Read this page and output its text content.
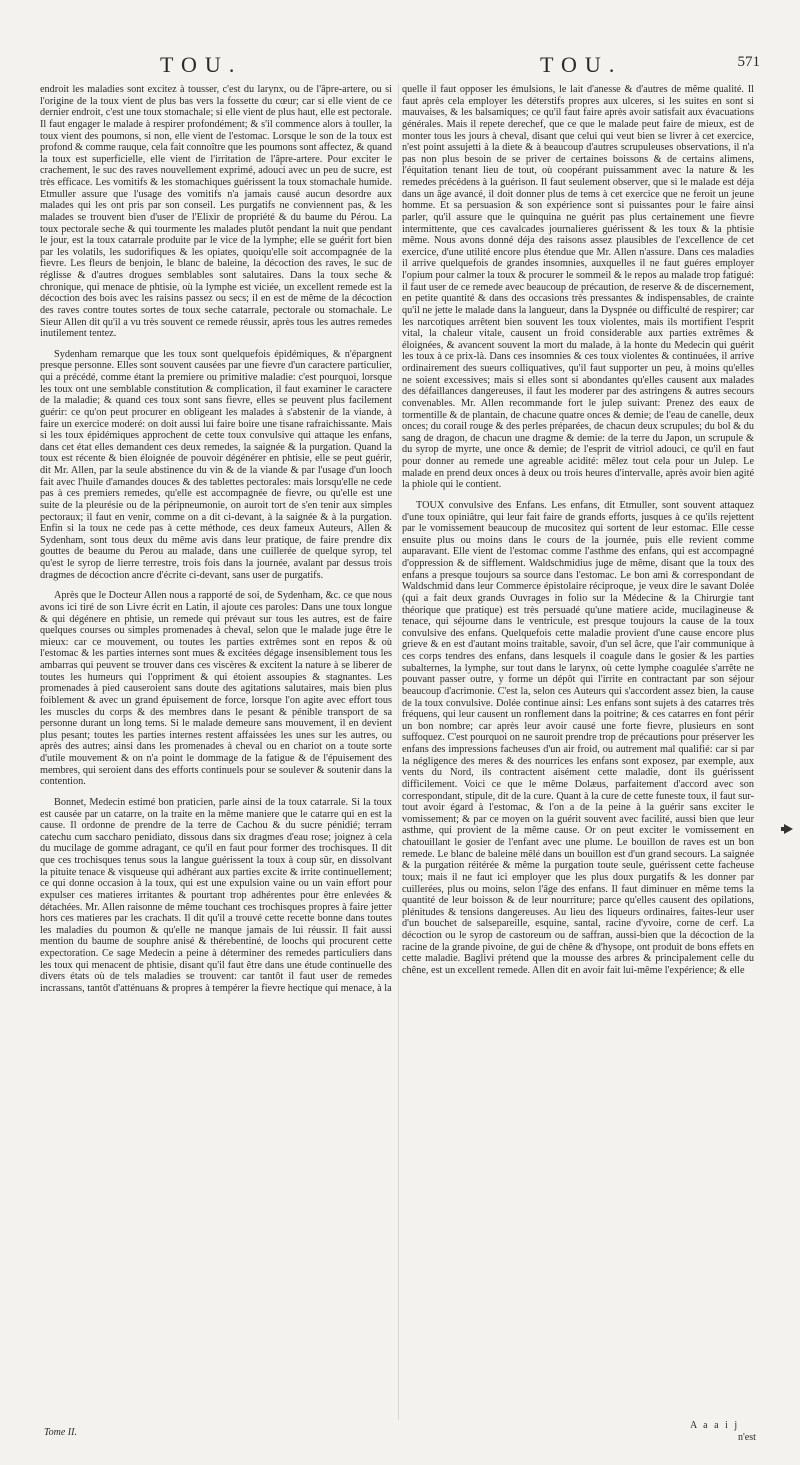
TOU.	TOU.	571

endroit les maladies sont excitez à tousser, c'est du larynx, ou de l'âpre-artere, ou si l'origine de la toux vient de plus bas vers la fossette du cœur; car si elle vient de ce dernier endroit, c'est une toux stomachale; si elle vient de plus haut, elle est pectorale. Il faut engager le malade à respirer profondément; & s'il commence alors à touller, la toux vient des poumons, si non, elle vient de l'estomac. Lorsque le son de la toux est profond & comme rauque, cela fait connoître que les poumons sont affectez, & quand la toux est superficielle, elle vient de l'irritation de l'âpre-artere. Pour exciter le crachement, le suc des raves nouvellement exprimé, adouci avec un peu de sucre, est très efficace. Les vomitifs & les stomachiques guérissent la toux stomachale humide. Etmuller assure que l'usage des vomitifs n'a jamais causé aucun desordre aux malades qui les ont pris par son conseil. Les purgatifs ne conviennent pas, & les malades se trouvent bien d'user de l'Elixir de propriété & du baume du Pérou. La toux pectorale seche & qui tourmente les malades plutôt pendant la nuit que pendant le jour, est la toux catarrale produite par le vice de la lymphe; elle se guérit fort bien par les volatils, les sudorifiques & les opiates, quoiqu'elle soit accompagnée de la fievre. Les fleurs de benjoin, le blanc de baleine, la décoction des raves, le suc de réglisse & d'autres drogues semblables sont salutaires. Dans la toux seche & chronique, qui menace de phtisie, où la lymphe est viciée, un excellent remede est la décoction des bois avec les raisins passez ou secs; il en est de même de la décoction des raves contre toutes sortes de toux seche catarrale, pectorale ou stomachale. Le Sieur Allen dit qu'il a vu très souvent ce remede réussir, après tous les autres remedes inutilement tentez.

Sydenham remarque que les toux sont quelquefois épidémiques, & n'épargnent presque personne. Elles sont souvent causées par une fievre d'un caractere particulier, qui a précédé, comme étant la premiere ou primitive maladie: c'est pourquoi, lorsque les toux ont une semblable constitution & complication, il faut examiner le caractere de la maladie; & quand ces toux sont sans fievre, elles se peuvent plus facilement guérir: ce qu'on peut procurer en obligeant les malades à s'abstenir de la viande, à faire un exercice moderé: on doit aussi lui faire boire une tisane rafraichissante. Mais si les toux épidémiques approchent de cette toux convulsive qui attaque les enfans, dans cet état elles demandent ces deux remedes, la saignée & la purgation. Quand la toux est récente & bien éloignée de pouvoir dégénérer en phtisie, elle se peut guérir, dit Mr. Allen, par la seule abstinence du vin & de la viande & par l'usage d'un looch fait avec l'huile d'amandes douces & des tablettes pectorales: mais lorsqu'elle ne cede pas à ces premiers remedes, qu'elle est accompagnée de fievre, ou qu'elle est une suite de la pleurésie ou de la péripneumonie, on auroit tort de s'en tenir aux simples pectoraux; il faut en venir, comme on a dit ci-devant, à la saignée & à la purgation. Enfin si la toux ne cede pas à cette méthode, ces deux fameux Auteurs, Allen & Sydenham, sont tous deux du même avis dans leur pratique, de faire prendre dix gouttes de beaume du Perou au malade, dans une cuillerée de quelque syrop, tel qu'est le syrop de lierre terrestre, trois fois dans la journée, avalant par dessus trois dragmes de décoction ancre d'écrite ci-devant, sans user de purgatifs.

Après que le Docteur Allen nous a rapporté de soi, de Sydenham, &c. ce que nous avons ici tiré de son Livre écrit en Latin, il ajoute ces paroles: Dans une toux longue & qui dégénere en phtisie, un remede qui prévaut sur tous les autres, est de faire quelques courses ou simples promenades à cheval, selon que le malade juge être le mieux: car ce mouvement, ou toutes les parties extrêmes sont en repos & où l'estomac & les parties internes sont mues & excitées dégage insensiblement tous les ambarras qui peuvent se trouver dans ces viscères & excitent la nature à se liberer de toutes les humeurs qui l'oppriment & qui étoient assoupies & stagnantes. Les promenades à pied causeroient sans doute des agitations salutaires, mais bien plus foiblement & avec un grand épuisement de force, lorsque l'on agite avec effort tous les muscles du corps & des membres dans le pesant & pénible transport de sa personne durant un long tems. Si le malade demeure sans mouvement, il en devient plus pesant; toutes les parties internes restent affaissées les unes sur les autres, ou après des autres; ainsi dans les promenades à cheval ou en chariot on a toute sorte d'utile mouvement & on n'a point le dommage de la fatigue & de l'épuisement des membres, qui seroient dans des efforts continuels pour se soulever & soutenir dans la contention.

Bonnet, Medecin estimé bon praticien, parle ainsi de la toux catarrale. Si la toux est causée par un catarre, on la traite en la même maniere que le catarre qui en est la cause. Il ordonne de prendre de la terre de Cachou & du sucre pénidié; terram catechu cum saccharo penidiato, dissous dans six dragmes d'eau rose; joignez à cela du mucilage de gomme adragant, ce qu'il en faut pour former des trochisques. Il dit que ces trochisques tenus sous la langue guérissent la toux à coup sûr, en dissolvant la pituite tenace & visqueuse qui adhérant aux parties excite & irrite continuellement; ce qui donne occasion à la toux, qui est une expulsion vaine ou un vain effort pour expulser ces matieres irritantes & pourtant trop adhérentes pour être enlevées & détachées. Mr. Allen raisonne de même touchant ces trochisques propres à faire jetter hors ces matieres par les crachats. Il dit qu'il a trouvé cette recette bonne dans toutes les maladies du poumon & qu'elle ne manque jamais de lui réussir. Il fait aussi mention du baume de souphre anisé & thérebentiné, de loochs qui procurent cette expectoration. Ce sage Medecin a peine à déterminer des remedes particuliers dans les toux qui menacent de phtisie, disant qu'il faut être dans une étude continuelle des divers états où de tels maladies se trouvent: car tantôt il faut user de remedes incrassans, tantôt d'atténuans & propres à tempérer la fievre hectique qui menace, à la

quelle il faut opposer les émulsions, le lait d'anesse & d'autres de même qualité. Il faut après cela employer les déterstifs propres aux ulceres, si les suites en sont si mauvaises, & les balsamiques; ce qu'il faut faire après avoir satisfait aux évacuations générales. Mais il repete derechef, que ce que le malade peut faire de mieux, est de monter tous les jours à cheval, disant que celui qui veut bien se livrer à cet exercice, n'est point assujetti à la diete & à beaucoup d'autres scrupuleuses observations, il n'a pas non plus besoin de se priver de certaines boissons & de certains alimens, l'équitation tenant lieu de tout, où coopérant puissamment avec la nature & les remedes précédens à la guérison. Il faut seulement observer, que si le malade est déja dans un âge avancé, il doit donner plus de tems à cet exercice que ne feroit un jeune homme. Et sa persuasion & son expérience sont si puissantes pour le faire ainsi parler, qu'il assure que le quinquina ne guérit pas plus certainement une fievre intermittente, que ces cavalcades journalieres guérissent & les toux & la phtisie même. Nous avons donné déja des raisons assez plausibles de l'excellence de cet exercice, d'une utilité encore plus étendue que Mr. Allen n'assure. Dans ces maladies il arrive quelquefois de grandes insomnies, auxquelles il ne faut guéres employer l'opium pour calmer la toux & procurer le sommeil & le repos au malade trop fatigué: il faut user de ce remede avec beaucoup de précaution, de reserve & de discernement, en petite quantité & dans des occasions très pressantes & indispensables, de crainte qu'il ne jette le malade dans la langueur, dans la Dyspnée ou difficulté de respirer; car les narcotiques arrêtent bien souvent les toux violentes, mais ils mortifient l'esprit vital, la chaleur vitale, causent un froid considerable aux parties extrêmes & éloignées, & avancent souvent la mort du malade, à la honte du Medecin qui guérit les toux à ce prix-là. Dans ces insomnies & ces toux violentes & continuées, il arrive ordinairement des sueurs colliquatives, qu'il faut supporter un peu, à moins qu'elles ne soient excessives; mais si elles sont si abondantes qu'elles causent aux malades des défaillances dangereuses, il faut les moderer par des astringens & autres secours convenables. Mr. Allen recommande fort le julep suivant: Prenez des eaux de tormentille & de plantain, de chacune quatre onces & demie; de l'eau de canelle, deux onces; du corail rouge & des perles préparées, de chacun deux scrupules; du bol & du sang de dragon, de chacun une dragme & demie: de la terre du Japon, un scrupule & du syrop de myrte, une once & demie; de l'esprit de vitriol adouci, ce qu'il en faut pour donner au remede une agreable acidité: mêlez tout cela pour un Julep. Le malade en prend deux onces à deux ou trois heures d'intervalle, après avoir bien agité la phiole qui le contient.

TOUX convulsive des Enfans. Les enfans, dit Etmuller, sont souvent attaquez d'une toux opiniâtre, qui leur fait faire de grands efforts, jusques à ce qu'ils rejettent par le vomissement beaucoup de mucositez qui sortent de leur estomac. Elle cesse ensuite plus ou moins dans le cours de la journée, puis elle revient comme auparavant. Elle vient de l'estomac comme l'asthme des enfans, qui est accompagné d'oppression & de sifflement. Waldschmidius juge de même, disant que la toux des enfans a presque toujours sa source dans l'estomac. Le bon ami & correspondant de Waldschmid dans leur Commerce épistolaire réciproque, je veux dire le savant Dolée (qui a fait deux grands Ouvrages in folio sur la Médecine & la Chirurgie tant théorique que pratique) est très persuadé qu'une matiere acide, mucilagineuse & tenace, qui séjourne dans le ventricule, est presque toujours la cause de la toux convulsive des enfans. Quelquefois cette maladie provient d'une cause encore plus grieve & en est d'autant moins traitable, savoir, d'un sel âcre, que l'air communique à ces corps tendres des enfans, dans lesquels il coagule dans le gosier & les parties subalternes, la lymphe, sur tout dans le larynx, où cette lymphe coagulée s'arrête ne pouvant passer outre, y forme un dépôt qui l'irrite en contractant par son séjour beaucoup d'acrimonie. C'est la, selon ces Auteurs qui s'accordent assez bien, la cause de la toux convulsive. Dolée continue ainsi: Les enfans sont sujets à des catarres très fréquens, qui leur causent un ronflement dans la poitrine; & ces catarres en font périr un bon nombre; car après leur avoir causé une forte fievre, plusieurs en sont suffoquez. C'est pourquoi on ne sauroit prendre trop de précautions pour préserver les enfans des impressions facheuses d'un air froid, ou autrement mal qualifié: car si par la négligence des meres & des nourrices les enfans sont exposez, par exemple, aux vents du Nord, ils contractent aisément cette maladie, dont ils guérissent difficilement. Voici ce que le même Dolæus, parfaitement d'accord avec son correspondant, stipule, dit de la cure. Quant à la cure de cette funeste toux, il faut sur-tout avoir égard à l'estomac, & l'on a de la peine à la guérir sans exciter le vomissement; & par ce moyen on la guérit souvent avec facilité, aussi bien que leur asthme, qui provient de la même cause. Or on peut exciter le vomissement en chatouillant le gosier de l'enfant avec une plume. Le bouillon de raves est un bon remede. Le blanc de baleine mêlé dans un bouillon est d'un grand secours. La saignée & la purgation réitérée & même la purgation toute seule, guérissent cette facheuse toux; mais il ne faut ici employer que les plus doux purgatifs & les donner par cuillerées, plus ou moins, selon l'âge des enfans. Il faut diminuer en même tems la quantité de leur boisson & de leur nourriture; parce qu'elles causent des opilations, plénitudes & tensions dangereuses. Au lieu des liqueurs ordinaires, faites-leur user d'un bouchet de salsepareille, esquine, santal, racine d'yvoire, corne de cerf. La décoction ou le syrop de castoreum ou de saffran, aussi-bien que la décoction de la racine de la grande pivoine, de gui de chêne & d'hysope, ont produit de bons effets en cette maladie. Baglivi prétend que la mousse des arbres & principalement celle du chêne, est un excellent remede. Allen dit en avoir fait lui-même l'expérience; & elle

Tome II.
A a a i j
n'est
